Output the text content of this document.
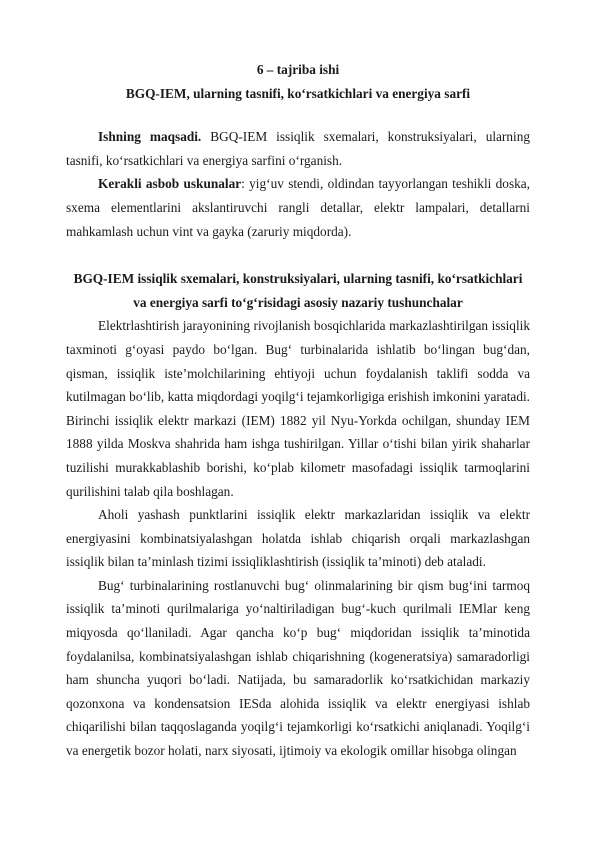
6 – tajriba ishi
BGQ-IEM, ularning tasnifi, ko‘rsatkichlari va energiya sarfi

Ishning maqsadi. BGQ-IEM issiqlik sxemalari, konstruksiyalari, ularning tasnifi, ko‘rsatkichlari va energiya sarfini o‘rganish.

Kerakli asbob uskunalar: yig‘uv stendi, oldindan tayyorlangan teshikli doska, sxema elementlarini akslantiruvchi rangli detallar, elektr lampalari, detallarni mahkamlash uchun vint va gayka (zaruriy miqdorda).

BGQ-IEM issiqlik sxemalari, konstruksiyalari, ularning tasnifi, ko‘rsatkichlari
va energiya sarfi to‘g‘risidagi asosiy nazariy tushunchalar

Elektrlashtirish jarayonining rivojlanish bosqichlarida markazlashtirilgan issiqlik taxminoti g‘oyasi paydo bo‘lgan. Bug‘ turbinalarida ishlatib bo‘lingan bug‘dan, qisman, issiqlik iste’molchilarining ehtiyoji uchun foydalanish taklifi sodda va kutilmagan bo‘lib, katta miqdordagi yoqilg‘i tejamkorligiga erishish imkonini yaratadi. Birinchi issiqlik elektr markazi (IEM) 1882 yil Nyu-Yorkda ochilgan, shunday IEM 1888 yilda Moskva shahrida ham ishga tushirilgan. Yillar o‘tishi bilan yirik shaharlar tuzilishi murakkablashib borishi, ko‘plab kilometr masofadagi issiqlik tarmoqlarini qurilishini talab qila boshlagan.

Aholi yashash punktlarini issiqlik elektr markazlaridan issiqlik va elektr energiyasini kombinatsiyalashgan holatda ishlab chiqarish orqali markazlashgan issiqlik bilan ta’minlash tizimi issiqliklashtirish (issiqlik ta’minoti) deb ataladi.

Bug‘ turbinalarining rostlanuvchi bug‘ olinmalarining bir qism bug‘ini tarmoq issiqlik ta’minoti qurilmalariga yo‘naltiriladigan bug‘-kuch qurilmali IEMlar keng miqyosda qo‘llaniladi. Agar qancha ko‘p bug‘ miqdoridan issiqlik ta’minotida foydalanilsa, kombinatsiyalashgan ishlab chiqarishning (kogeneratsiya) samaradorligi ham shuncha yuqori bo‘ladi. Natijada, bu samaradorlik ko‘rsatkichidan markaziy qozonxona va kondensatsion IESda alohida issiqlik va elektr energiyasi ishlab chiqarilishi bilan taqqoslaganda yoqilg‘i tejamkorligi ko‘rsatkichi aniqlanadi. Yoqilg‘i va energetik bozor holati, narx siyosati, ijtimoiy va ekologik omillar hisobga olingan
